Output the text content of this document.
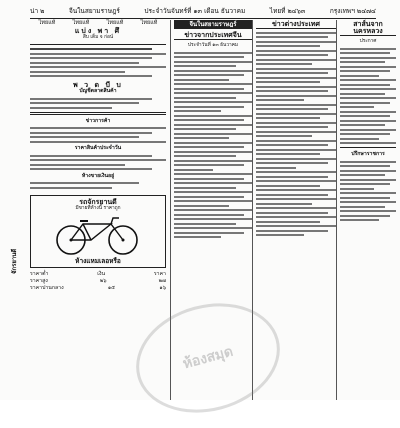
น่า ๒	จีนในสยามราษฎร์	ประจำวันจันทร์ที่ ๑๓ เดือน ธันวาคม	ไทยที่ ๒๔๖๓	กรุงเทพฯ ๒๔๗๔
ไทยแท้	ไทยแท้	ไทยแท้	ไทยแท้
แบ่ง พา ศึ
สืบ เต็ม จ ก่อน์
พ ว ด บี บ
บัญชีตลาดสินค้า
ข่าวการค้า
ราคาสินค้าประจำวัน
ห้างขายเงินอยู่
จักรยานดี
รถจักรยานดี
มีขายที่ห้างนี้ ราคาถูก
ห้างแหมเลอหรือ
ราคาต่ำ	เงิน	ราคา
ราคาสูง	๒๖	๒๗
ราคาปานกลาง	๑๕	๑๖
จีนในสยามราษฎร์
ข่าวจากประเทศจีน
ประจำวันที่ ๑๓ ธันวาคม
ข่าวต่างประเทศ	สาส์นจากนครหลวง
ประกาศ
ปรึกษาราชการ
ห้องสมุด
